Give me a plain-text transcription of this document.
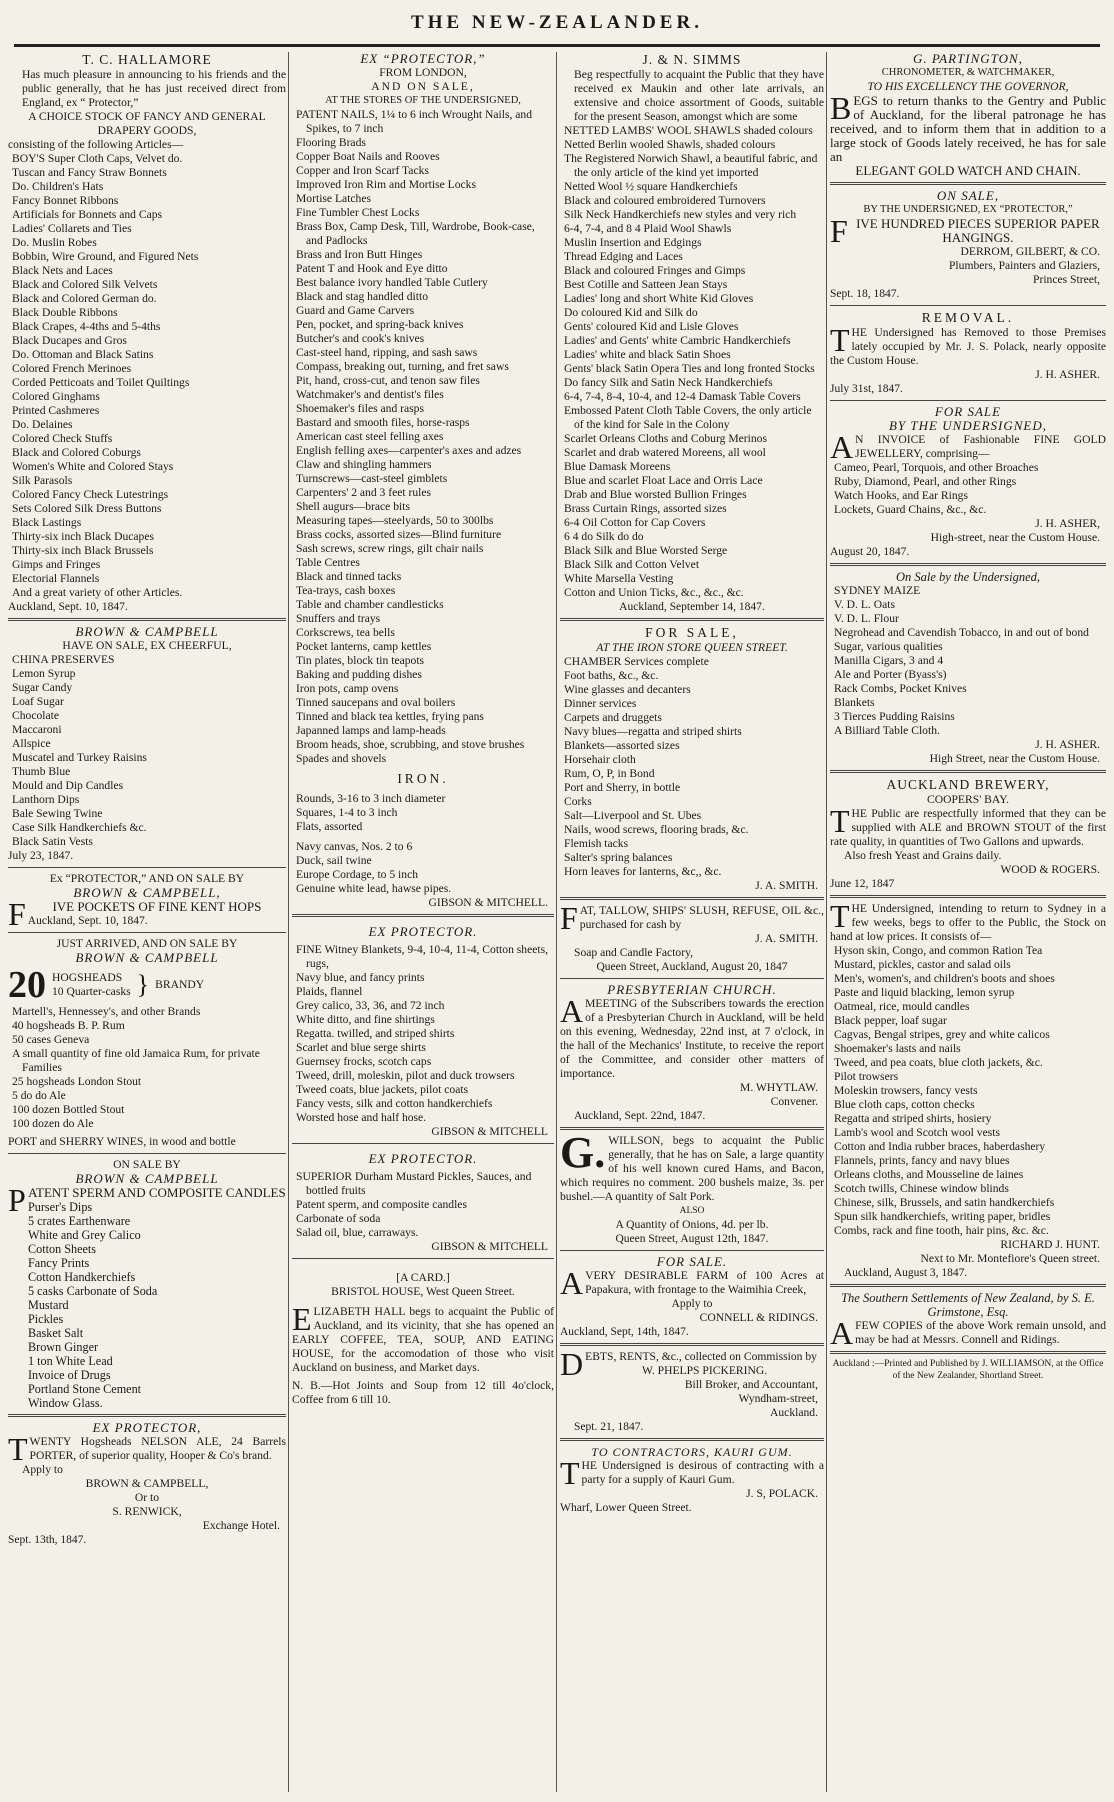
THE NEW-ZEALANDER.
T. C. HALLAMORE
Has much pleasure in announcing to his friends and the public generally, that he has just received direct from England, ex “ Protector,”
A CHOICE STOCK OF FANCY AND GENERAL DRAPERY GOODS,
consisting of the following Articles—
BOY'S Super Cloth Caps, Velvet do.
Tuscan and Fancy Straw Bonnets
Do. Children's Hats
Fancy Bonnet Ribbons
Artificials for Bonnets and Caps
Ladies' Collarets and Ties
Do. Muslin Robes
Bobbin, Wire Ground, and Figured Nets
Black Nets and Laces
Black and Colored Silk Velvets
Black and Colored German do.
Black Double Ribbons
Black Crapes, 4-4ths and 5-4ths
Black Ducapes and Gros
Do. Ottoman and Black Satins
Colored French Merinoes
Corded Petticoats and Toilet Quiltings
Colored Ginghams
Printed Cashmeres
Do. Delaines
Colored Check Stuffs
Black and Colored Coburgs
Women's White and Colored Stays
Silk Parasols
Colored Fancy Check Lutestrings
Sets Colored Silk Dress Buttons
Black Lastings
Thirty-six inch Black Ducapes
Thirty-six inch Black Brussels
Gimps and Fringes
Electorial Flannels
And a great variety of other Articles.
Auckland, Sept. 10, 1847.
BROWN & CAMPBELL
HAVE ON SALE, EX CHEERFUL,
CHINA PRESERVES
Lemon Syrup
Sugar Candy
Loaf Sugar
Chocolate
Maccaroni
Allspice
Muscatel and Turkey Raisins
Thumb Blue
Mould and Dip Candles
Lanthorn Dips
Bale Sewing Twine
Case Silk Handkerchiefs &c.
Black Satin Vests
July 23, 1847.
Ex “PROTECTOR,” AND ON SALE BY
BROWN & CAMPBELL,
FIVE POCKETS OF FINE KENT HOPS
Auckland, Sept. 10, 1847.
JUST ARRIVED, AND ON SALE BY
BROWN & CAMPBELL
20 HOGSHEADS
10 Quarter-casks } BRANDY
Martell's, Hennessey's, and other Brands
40 hogsheads B. P. Rum
50 cases Geneva
A small quantity of fine old Jamaica Rum, for private Families
25 hogsheads London Stout
5 do do Ale
100 dozen Bottled Stout
100 dozen do Ale
PORT and SHERRY WINES, in wood and bottle
ON SALE BY
BROWN & CAMPBELL
PATENT SPERM AND COMPOSITE CANDLES
Purser's Dips
5 crates Earthenware
White and Grey Calico
Cotton Sheets
Fancy Prints
Cotton Handkerchiefs
5 casks Carbonate of Soda
Mustard
Pickles
Basket Salt
Brown Ginger
1 ton White Lead
Invoice of Drugs
Portland Stone Cement
Window Glass.
EX PROTECTOR,
TWENTY Hogsheads NELSON ALE, 24 Barrels PORTER, of superior quality, Hooper & Co's brand.
Apply to
BROWN & CAMPBELL,
Or to
S. RENWICK,
Exchange Hotel.
Sept. 13th, 1847.
EX “PROTECTOR,”
FROM LONDON,
AND ON SALE,
AT THE STORES OF THE UNDERSIGNED,
PATENT NAILS, 1¼ to 6 inch Wrought Nails, and Spikes, to 7 inch
Flooring Brads
Copper Boat Nails and Rooves
Copper and Iron Scarf Tacks
Improved Iron Rim and Mortise Locks
Mortise Latches
Fine Tumbler Chest Locks
Brass Box, Camp Desk, Till, Wardrobe, Book-case, and Padlocks
Brass and Iron Butt Hinges
Patent T and Hook and Eye ditto
Best balance ivory handled Table Cutlery
Black and stag handled ditto
Guard and Game Carvers
Pen, pocket, and spring-back knives
Butcher's and cook's knives
Cast-steel hand, ripping, and sash saws
Compass, breaking out, turning, and fret saws
Pit, hand, cross-cut, and tenon saw files
Watchmaker's and dentist's files
Shoemaker's files and rasps
Bastard and smooth files, horse-rasps
American cast steel felling axes
English felling axes—carpenter's axes and adzes
Claw and shingling hammers
Turnscrews—cast-steel gimblets
Carpenters' 2 and 3 feet rules
Shell augurs—brace bits
Measuring tapes—steelyards, 50 to 300lbs
Brass cocks, assorted sizes—Blind furniture
Sash screws, screw rings, gilt chair nails
Table Centres
Black and tinned tacks
Tea-trays, cash boxes
Table and chamber candlesticks
Snuffers and trays
Corkscrews, tea bells
Pocket lanterns, camp kettles
Tin plates, block tin teapots
Baking and pudding dishes
Iron pots, camp ovens
Tinned saucepans and oval boilers
Tinned and black tea kettles, frying pans
Japanned lamps and lamp-heads
Broom heads, shoe, scrubbing, and stove brushes
Spades and shovels
IRON.
Rounds, 3-16 to 3 inch diameter
Squares, 1-4 to 3 inch
Flats, assorted
Navy canvas, Nos. 2 to 6
Duck, sail twine
Europe Cordage, to 5 inch
Genuine white lead, hawse pipes.
GIBSON & MITCHELL.
EX PROTECTOR.
FINE Witney Blankets, 9-4, 10-4, 11-4, Cotton sheets, rugs,
Navy blue, and fancy prints
Plaids, flannel
Grey calico, 33, 36, and 72 inch
White ditto, and fine shirtings
Regatta. twilled, and striped shirts
Scarlet and blue serge shirts
Guernsey frocks, scotch caps
Tweed, drill, moleskin, pilot and duck trowsers
Tweed coats, blue jackets, pilot coats
Fancy vests, silk and cotton handkerchiefs
Worsted hose and half hose.
GIBSON & MITCHELL
EX PROTECTOR.
SUPERIOR Durham Mustard Pickles, Sauces, and bottled fruits
Patent sperm, and composite candles
Carbonate of soda
Salad oil, blue, carraways.
GIBSON & MITCHELL
[A CARD.]
BRISTOL HOUSE, West Queen Street.
ELIZABETH HALL begs to acquaint the Public of Auckland, and its vicinity, that she has opened an EARLY COFFEE, TEA, SOUP, AND EATING HOUSE, for the accomodation of those who visit Auckland on business, and Market days.
N. B.—Hot Joints and Soup from 12 till 4o'clock, Coffee from 6 till 10.
J. & N. SIMMS
Beg respectfully to acquaint the Public that they have received ex Maukin and other late arrivals, an extensive and choice assortment of Goods, suitable for the present Season, amongst which are some
NETTED LAMBS' WOOL SHAWLS shaded colours
Netted Berlin wooled Shawls, shaded colours
The Registered Norwich Shawl, a beautiful fabric, and the only article of the kind yet imported
Netted Wool ½ square Handkerchiefs
Black and coloured embroidered Turnovers
Silk Neck Handkerchiefs new styles and very rich
6-4, 7-4, and 8 4 Plaid Wool Shawls
Muslin Insertion and Edgings
Thread Edging and Laces
Black and coloured Fringes and Gimps
Best Cotille and Satteen Jean Stays
Ladies' long and short White Kid Gloves
Do coloured Kid and Silk do
Gents' coloured Kid and Lisle Gloves
Ladies' and Gents' white Cambric Handkerchiefs
Ladies' white and black Satin Shoes
Gents' black Satin Opera Ties and long fronted Stocks
Do fancy Silk and Satin Neck Handkerchiefs
6-4, 7-4, 8-4, 10-4, and 12-4 Damask Table Covers
Embossed Patent Cloth Table Covers, the only article of the kind for Sale in the Colony
Scarlet Orleans Cloths and Coburg Merinos
Scarlet and drab watered Moreens, all wool
Blue Damask Moreens
Blue and scarlet Float Lace and Orris Lace
Drab and Blue worsted Bullion Fringes
Brass Curtain Rings, assorted sizes
6-4 Oil Cotton for Cap Covers
6 4 do Silk do do
Black Silk and Blue Worsted Serge
Black Silk and Cotton Velvet
White Marsella Vesting
Cotton and Union Ticks, &c., &c., &c.
Auckland, September 14, 1847.
FOR SALE,
AT THE IRON STORE QUEEN STREET.
CHAMBER Services complete
Foot baths, &c., &c.
Wine glasses and decanters
Dinner services
Carpets and druggets
Navy blues—regatta and striped shirts
Blankets—assorted sizes
Horsehair cloth
Rum, O, P, in Bond
Port and Sherry, in bottle
Corks
Salt—Liverpool and St. Ubes
Nails, wood screws, flooring brads, &c.
Flemish tacks
Salter's spring balances
Horn leaves for lanterns, &c,, &c.
J. A. SMITH.
FAT, TALLOW, SHIPS' SLUSH, REFUSE, OIL &c., purchased for cash by
J. A. SMITH.
Soap and Candle Factory,
Queen Street, Auckland, August 20, 1847
PRESBYTERIAN CHURCH.
AMEETING of the Subscribers towards the erection of a Presbyterian Church in Auckland, will be held on this evening, Wednesday, 22nd inst, at 7 o'clock, in the hall of the Mechanics' Institute, to receive the report of the Committee, and consider other matters of importance.
M. WHYTLAW.
Convener.
Auckland, Sept. 22nd, 1847.
G.WILLSON, begs to acquaint the Public generally, that he has on Sale, a large quantity of his well known cured Hams, and Bacon, which requires no comment. 200 bushels maize, 3s. per bushel.—A quantity of Salt Pork.
ALSO
A Quantity of Onions, 4d. per lb.
Queen Street, August 12th, 1847.
FOR SALE.
AVERY DESIRABLE FARM of 100 Acres at Papakura, with frontage to the Waimihia Creek,
Apply to
CONNELL & RIDINGS.
Auckland, Sept, 14th, 1847.
DEBTS, RENTS, &c., collected on Commission by
W. PHELPS PICKERING.
Bill Broker, and Accountant,
Wyndham-street,
Auckland.
Sept. 21, 1847.
TO CONTRACTORS, KAURI GUM.
THE Undersigned is desirous of contracting with a party for a supply of Kauri Gum.
J. S, POLACK.
Wharf, Lower Queen Street.
G. PARTINGTON,
CHRONOMETER, & WATCHMAKER,
TO HIS EXCELLENCY THE GOVERNOR,
BEGS to return thanks to the Gentry and Public of Auckland, for the liberal patronage he has received, and to inform them that in addition to a large stock of Goods lately received, he has for sale an
ELEGANT GOLD WATCH AND CHAIN.
ON SALE,
BY THE UNDERSIGNED, EX “PROTECTOR,”
FIVE HUNDRED PIECES SUPERIOR PAPER HANGINGS.
DERROM, GILBERT, & CO.
Plumbers, Painters and Glaziers,
Princes Street,
Sept. 18, 1847.
REMOVAL.
THE Undersigned has Removed to those Premises lately occupied by Mr. J. S. Polack, nearly opposite the Custom House.
J. H. ASHER.
July 31st, 1847.
FOR SALE
BY THE UNDERSIGNED,
AN INVOICE of Fashionable FINE GOLD JEWELLERY, comprising—
Cameo, Pearl, Torquois, and other Broaches
Ruby, Diamond, Pearl, and other Rings
Watch Hooks, and Ear Rings
Lockets, Guard Chains, &c., &c.
J. H. ASHER,
High-street, near the Custom House.
August 20, 1847.
On Sale by the Undersigned,
SYDNEY MAIZE
V. D. L. Oats
V. D. L. Flour
Negrohead and Cavendish Tobacco, in and out of bond
Sugar, various qualities
Manilla Cigars, 3 and 4
Ale and Porter (Byass's)
Rack Combs, Pocket Knives
Blankets
3 Tierces Pudding Raisins
A Billiard Table Cloth.
J. H. ASHER.
High Street, near the Custom House.
AUCKLAND BREWERY,
COOPERS' BAY.
THE Public are respectfully informed that they can be supplied with ALE and BROWN STOUT of the first rate quality, in quantities of Two Gallons and upwards.
Also fresh Yeast and Grains daily.
WOOD & ROGERS.
June 12, 1847
THE Undersigned, intending to return to Sydney in a few weeks, begs to offer to the Public, the Stock on hand at low prices. It consists of—
Hyson skin, Congo, and common Ration Tea
Mustard, pickles, castor and salad oils
Men's, women's, and children's boots and shoes
Paste and liquid blacking, lemon syrup
Oatmeal, rice, mould candles
Black pepper, loaf sugar
Cagvas, Bengal stripes, grey and white calicos
Shoemaker's lasts and nails
Tweed, and pea coats, blue cloth jackets, &c.
Pilot trowsers
Moleskin trowsers, fancy vests
Blue cloth caps, cotton checks
Regatta and striped shirts, hosiery
Lamb's wool and Scotch wool vests
Cotton and India rubber braces, haberdashery
Flannels, prints, fancy and navy blues
Orleans cloths, and Mousseline de laines
Scotch twills, Chinese window blinds
Chinese, silk, Brussels, and satin handkerchiefs
Spun silk handkerchiefs, writing paper, bridles
Combs, rack and fine tooth, hair pins, &c. &c.
RICHARD J. HUNT.
Next to Mr. Montefiore's Queen street.
Auckland, August 3, 1847.
The Southern Settlements of New Zealand, by S. E. Grimstone, Esq.
AFEW COPIES of the above Work remain unsold, and may be had at Messrs. Connell and Ridings.
Auckland :—Printed and Published by J. WILLIAMSON, at the Office of the New Zealander, Shortland Street.
